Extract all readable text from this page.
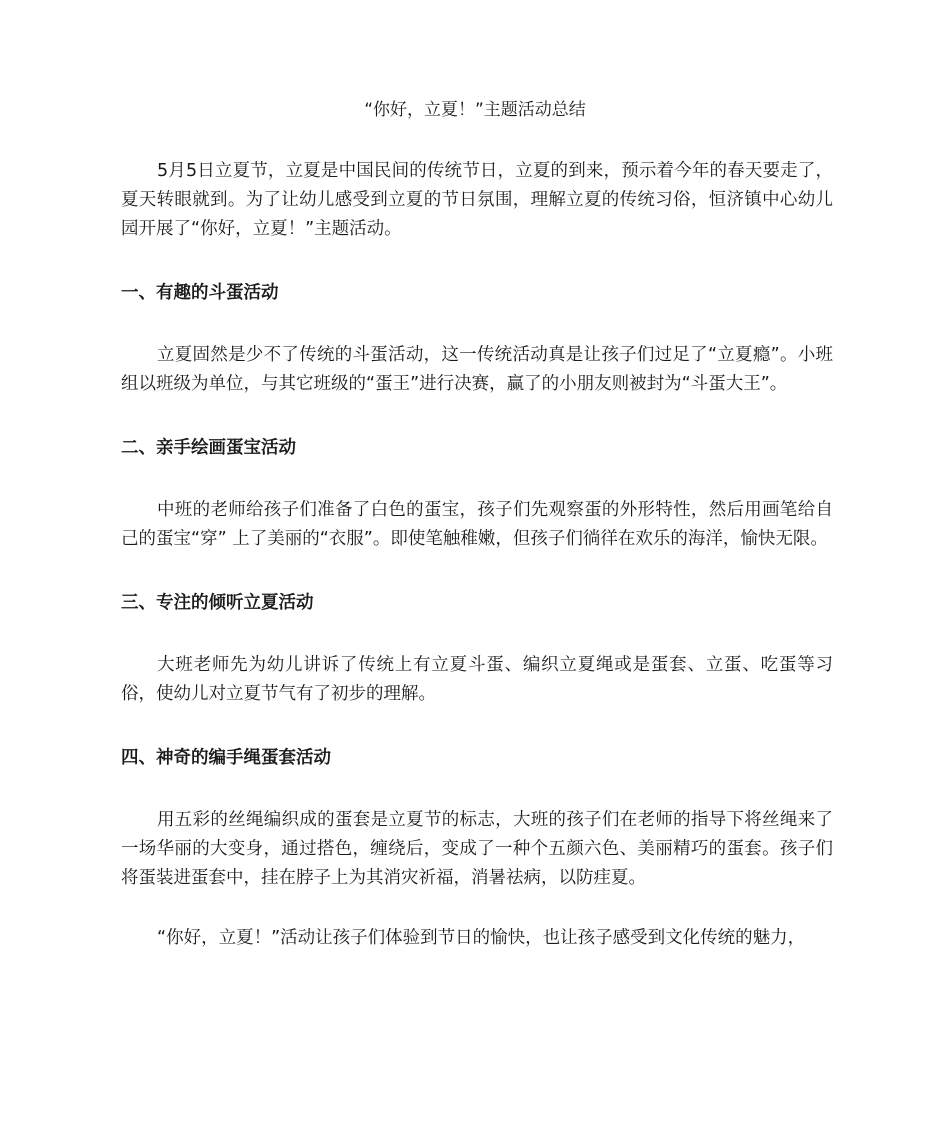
“你好，立夏！”主题活动总结

5月5日立夏节，立夏是中国民间的传统节日，立夏的到来，预示着今年的春天要走了，夏天转眼就到。为了让幼儿感受到立夏的节日氛围，理解立夏的传统习俗，恒济镇中心幼儿园开展了“你好，立夏！”主题活动。

一、有趣的斗蛋活动

立夏固然是少不了传统的斗蛋活动，这一传统活动真是让孩子们过足了“立夏瘾”。小班组以班级为单位，与其它班级的“蛋王”进行决赛，赢了的小朋友则被封为“斗蛋大王”。

二、亲手绘画蛋宝活动

中班的老师给孩子们准备了白色的蛋宝，孩子们先观察蛋的外形特性，然后用画笔给自己的蛋宝“穿” 上了美丽的“衣服”。即使笔触稚嫩，但孩子们徜徉在欢乐的海洋，愉快无限。

三、专注的倾听立夏活动

大班老师先为幼儿讲诉了传统上有立夏斗蛋、编织立夏绳或是蛋套、立蛋、吃蛋等习俗，使幼儿对立夏节气有了初步的理解。

四、神奇的编手绳蛋套活动

用五彩的丝绳编织成的蛋套是立夏节的标志，大班的孩子们在老师的指导下将丝绳来了一场华丽的大变身，通过搭色，缠绕后，变成了一种个五颜六色、美丽精巧的蛋套。孩子们将蛋装进蛋套中，挂在脖子上为其消灾祈福，消暑祛病，以防疰夏。

“你好，立夏！”活动让孩子们体验到节日的愉快，也让孩子感受到文化传统的魅力，
